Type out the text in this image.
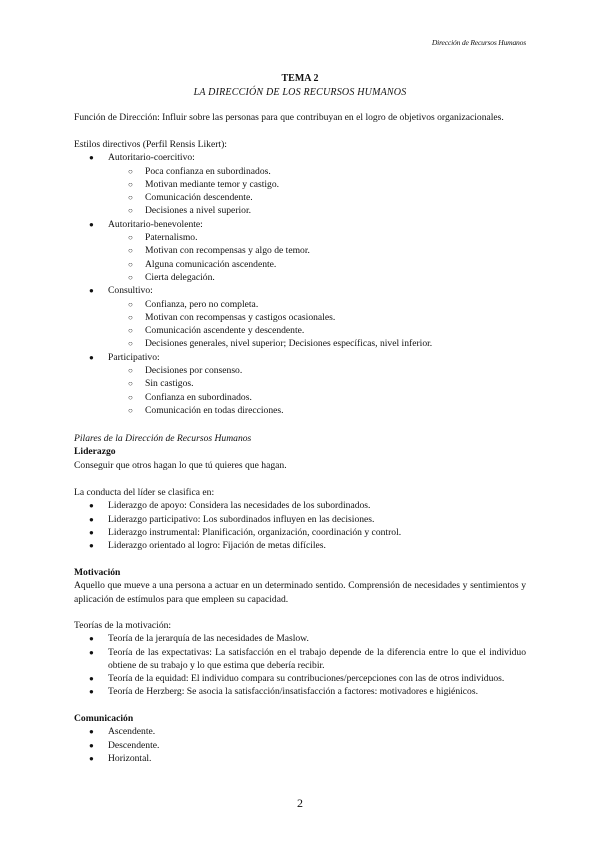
Dirección de Recursos Humanos
TEMA 2
LA DIRECCIÓN DE LOS RECURSOS HUMANOS

Función de Dirección: Influir sobre las personas para que contribuyan en el logro de objetivos organizacionales.

Estilos directivos (Perfil Rensis Likert):

● Autoritario-coercitivo:
○ Poca confianza en subordinados.
○ Motivan mediante temor y castigo.
○ Comunicación descendente.
○ Decisiones a nivel superior.
● Autoritario-benevolente:
○ Paternalismo.
○ Motivan con recompensas y algo de temor.
○ Alguna comunicación ascendente.
○ Cierta delegación.
● Consultivo:
○ Confianza, pero no completa.
○ Motivan con recompensas y castigos ocasionales.
○ Comunicación ascendente y descendente.
○ Decisiones generales, nivel superior; Decisiones específicas, nivel inferior.
● Participativo:
○ Decisiones por consenso.
○ Sin castigos.
○ Confianza en subordinados.
○ Comunicación en todas direcciones.

Pilares de la Dirección de Recursos Humanos

Liderazgo

Conseguir que otros hagan lo que tú quieres que hagan.

La conducta del líder se clasifica en:

● Liderazgo de apoyo: Considera las necesidades de los subordinados.
● Liderazgo participativo: Los subordinados influyen en las decisiones.
● Liderazgo instrumental: Planificación, organización, coordinación y control.
● Liderazgo orientado al logro: Fijación de metas difíciles.

Motivación

Aquello que mueve a una persona a actuar en un determinado sentido. Comprensión de necesidades y sentimientos y aplicación de estímulos para que empleen su capacidad.

Teorías de la motivación:

● Teoría de la jerarquía de las necesidades de Maslow.
● Teoría de las expectativas: La satisfacción en el trabajo depende de la diferencia entre lo que el individuo obtiene de su trabajo y lo que estima que debería recibir.
● Teoría de la equidad: El individuo compara su contribuciones/percepciones con las de otros individuos.
● Teoría de Herzberg: Se asocia la satisfacción/insatisfacción a factores: motivadores e higiénicos.

Comunicación

● Ascendente.
● Descendente.
● Horizontal.
2
